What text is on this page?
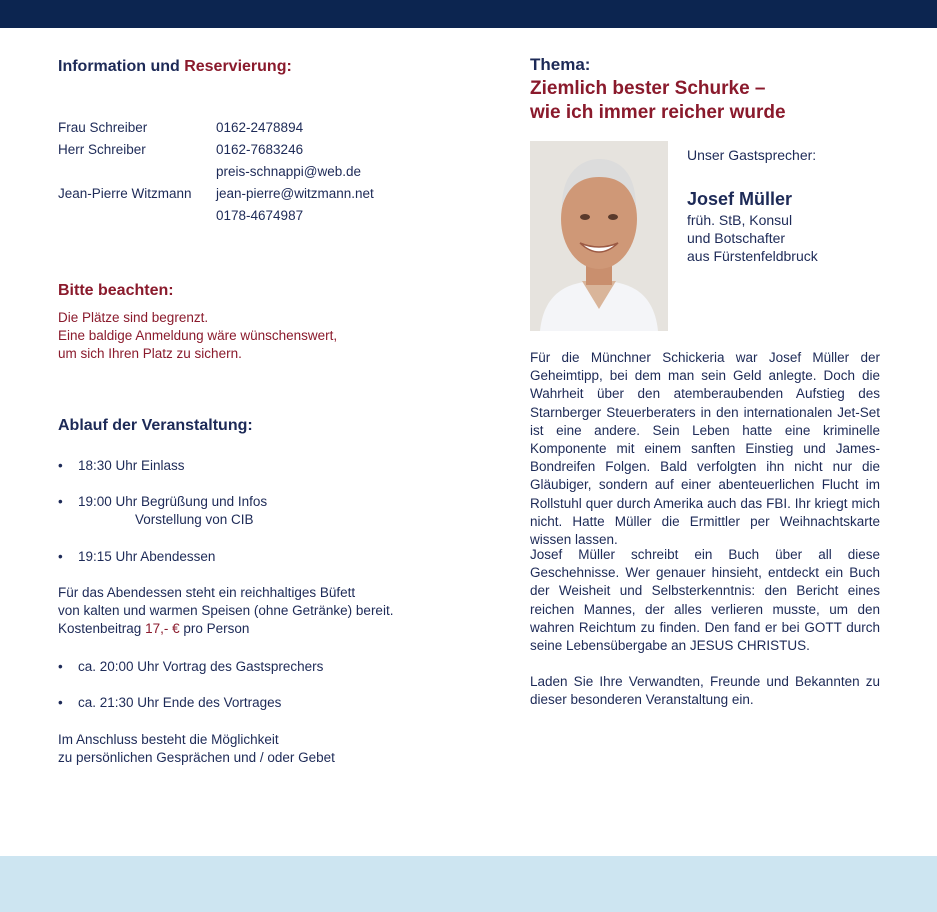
Information und Reservierung:
Frau Schreiber	0162-2478894
Herr Schreiber	0162-7683246
preis-schnappi@web.de
Jean-Pierre Witzmann jean-pierre@witzmann.net
0178-4674987
Bitte beachten:
Die Plätze sind begrenzt.
Eine baldige Anmeldung wäre wünschenswert,
um sich Ihren Platz zu sichern.
Ablauf der Veranstaltung:
• 18:30 Uhr Einlass
• 19:00 Uhr Begrüßung und Infos
Vorstellung von CIB
• 19:15 Uhr Abendessen
Für das Abendessen steht ein reichhaltiges Büfett
von kalten und warmen Speisen (ohne Getränke) bereit.
Kostenbeitrag 17,- € pro Person
• ca. 20:00 Uhr Vortrag des Gastsprechers
• ca. 21:30 Uhr Ende des Vortrages
Im Anschluss besteht die Möglichkeit
zu persönlichen Gesprächen und / oder Gebet
Thema:
Ziemlich bester Schurke –
wie ich immer reicher wurde
Unser Gastsprecher:
Josef Müller
früh. StB, Konsul
und Botschafter
aus Fürstenfeldbruck
Für die Münchner Schickeria war Josef Müller der Geheimtipp, bei dem man sein Geld anlegte. Doch die Wahrheit über den atemberaubenden Aufstieg des Starnberger Steuerberaters in den internationalen Jet-Set ist eine andere. Sein Leben hatte eine kriminelle Komponente mit einem sanften Einstieg und James-Bondreifen Folgen. Bald verfolgten ihn nicht nur die Gläubiger, sondern auf einer abenteuerlichen Flucht im Rollstuhl quer durch Amerika auch das FBI. Ihr kriegt mich nicht. Hatte Müller die Ermittler per Weihnachtskarte wissen lassen.
Josef Müller schreibt ein Buch über all diese Geschehnisse. Wer genauer hinsieht, entdeckt ein Buch der Weisheit und Selbsterkenntnis: den Bericht eines reichen Mannes, der alles verlieren musste, um den wahren Reichtum zu finden. Den fand er bei GOTT durch seine Lebensübergabe an JESUS CHRISTUS.
Laden Sie Ihre Verwandten, Freunde und Bekannten zu dieser besonderen Veranstaltung ein.
